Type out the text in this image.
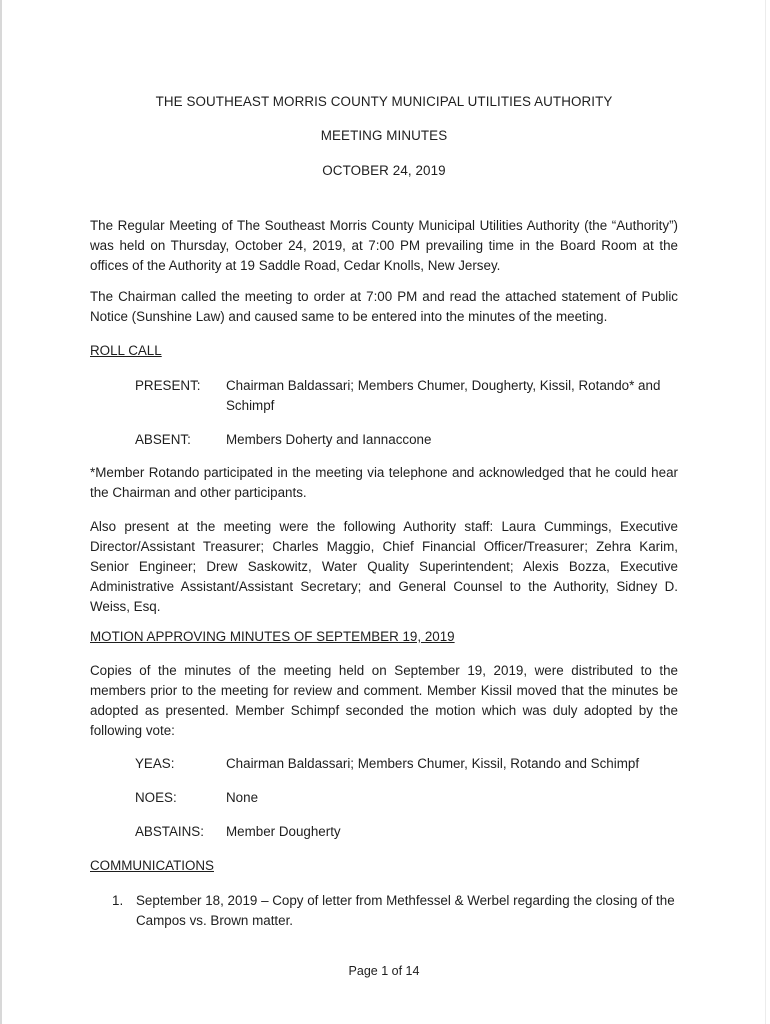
THE SOUTHEAST MORRIS COUNTY MUNICIPAL UTILITIES AUTHORITY
MEETING MINUTES
OCTOBER 24, 2019

The Regular Meeting of The Southeast Morris County Municipal Utilities Authority (the “Authority”) was held on Thursday, October 24, 2019, at 7:00 PM prevailing time in the Board Room at the offices of the Authority at 19 Saddle Road, Cedar Knolls, New Jersey.

The Chairman called the meeting to order at 7:00 PM and read the attached statement of Public Notice (Sunshine Law) and caused same to be entered into the minutes of the meeting.

ROLL CALL

PRESENT:	Chairman Baldassari; Members Chumer, Dougherty, Kissil, Rotando* and Schimpf
ABSENT:	Members Doherty and Iannaccone

*Member Rotando participated in the meeting via telephone and acknowledged that he could hear the Chairman and other participants.

Also present at the meeting were the following Authority staff: Laura Cummings, Executive Director/Assistant Treasurer; Charles Maggio, Chief Financial Officer/Treasurer; Zehra Karim, Senior Engineer; Drew Saskowitz, Water Quality Superintendent; Alexis Bozza, Executive Administrative Assistant/Assistant Secretary; and General Counsel to the Authority, Sidney D. Weiss, Esq.

MOTION APPROVING MINUTES OF SEPTEMBER 19, 2019

Copies of the minutes of the meeting held on September 19, 2019, were distributed to the members prior to the meeting for review and comment. Member Kissil moved that the minutes be adopted as presented. Member Schimpf seconded the motion which was duly adopted by the following vote:

YEAS:	Chairman Baldassari; Members Chumer, Kissil, Rotando and Schimpf
NOES:	None
ABSTAINS:	Member Dougherty

COMMUNICATIONS

1. September 18, 2019 – Copy of letter from Methfessel & Werbel regarding the closing of the Campos vs. Brown matter.
Page 1 of 14
